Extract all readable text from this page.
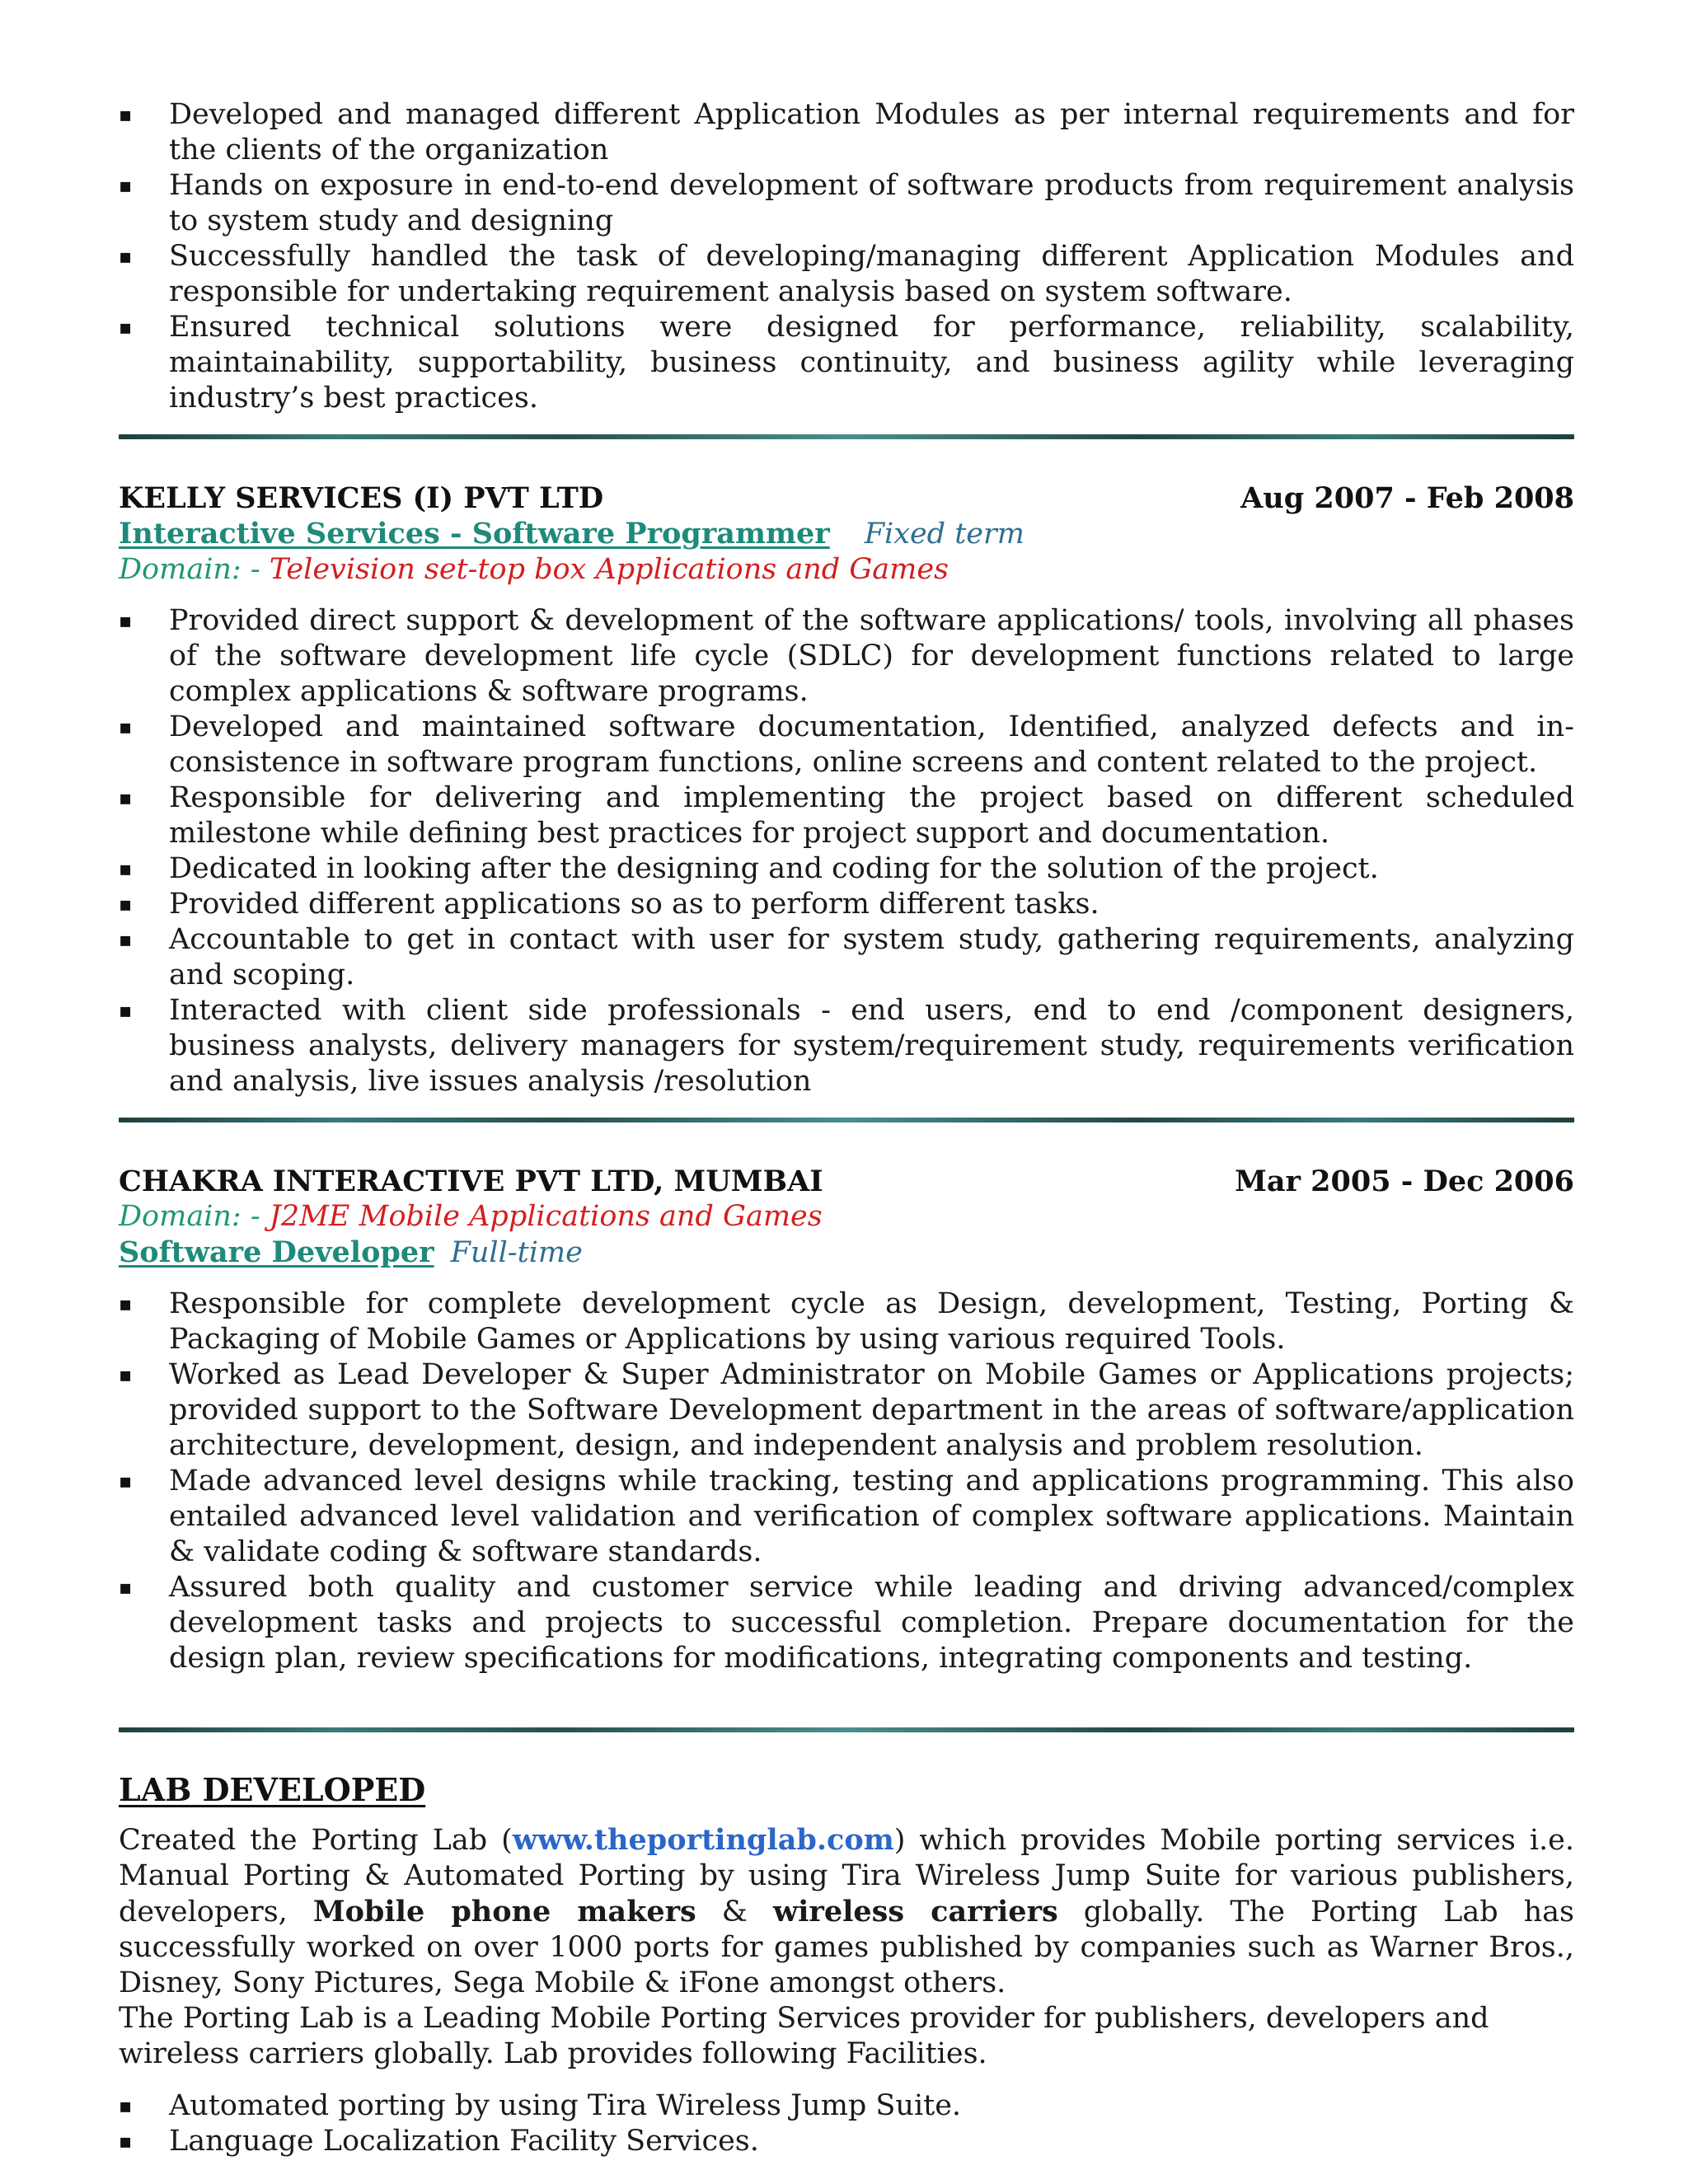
▪ Developed and managed different Application Modules as per internal requirements and for the clients of the organization
▪ Hands on exposure in end-to-end development of software products from requirement analysis to system study and designing
▪ Successfully handled the task of developing/managing different Application Modules and responsible for undertaking requirement analysis based on system software.
▪ Ensured technical solutions were designed for performance, reliability, scalability, maintainability, supportability, business continuity, and business agility while leveraging industry’s best practices.
KELLY SERVICES (I) PVT LTD	Aug 2007 - Feb 2008
Interactive Services - Software Programmer Fixed term
Domain: - Television set-top box Applications and Games
▪ Provided direct support & development of the software applications/ tools, involving all phases of the software development life cycle (SDLC) for development functions related to large complex applications & software programs.
▪ Developed and maintained software documentation, Identified, analyzed defects and in-consistence in software program functions, online screens and content related to the project.
▪ Responsible for delivering and implementing the project based on different scheduled milestone while defining best practices for project support and documentation.
▪ Dedicated in looking after the designing and coding for the solution of the project.
▪ Provided different applications so as to perform different tasks.
▪ Accountable to get in contact with user for system study, gathering requirements, analyzing and scoping.
▪ Interacted with client side professionals - end users, end to end /component designers, business analysts, delivery managers for system/requirement study, requirements verification and analysis, live issues analysis /resolution
CHAKRA INTERACTIVE PVT LTD, MUMBAI	Mar 2005 - Dec 2006
Domain: - J2ME Mobile Applications and Games
Software Developer Full-time
▪ Responsible for complete development cycle as Design, development, Testing, Porting & Packaging of Mobile Games or Applications by using various required Tools.
▪ Worked as Lead Developer & Super Administrator on Mobile Games or Applications projects; provided support to the Software Development department in the areas of software/application architecture, development, design, and independent analysis and problem resolution.
▪ Made advanced level designs while tracking, testing and applications programming. This also entailed advanced level validation and verification of complex software applications. Maintain & validate coding & software standards.
▪ Assured both quality and customer service while leading and driving advanced/complex development tasks and projects to successful completion. Prepare documentation for the design plan, review specifications for modifications, integrating components and testing.
LAB DEVELOPED
Created the Porting Lab (www.theportinglab.com) which provides Mobile porting services i.e. Manual Porting & Automated Porting by using Tira Wireless Jump Suite for various publishers, developers, Mobile phone makers & wireless carriers globally. The Porting Lab has successfully worked on over 1000 ports for games published by companies such as Warner Bros., Disney, Sony Pictures, Sega Mobile & iFone amongst others.
The Porting Lab is a Leading Mobile Porting Services provider for publishers, developers and wireless carriers globally. Lab provides following Facilities.
▪ Automated porting by using Tira Wireless Jump Suite.
▪ Language Localization Facility Services.
